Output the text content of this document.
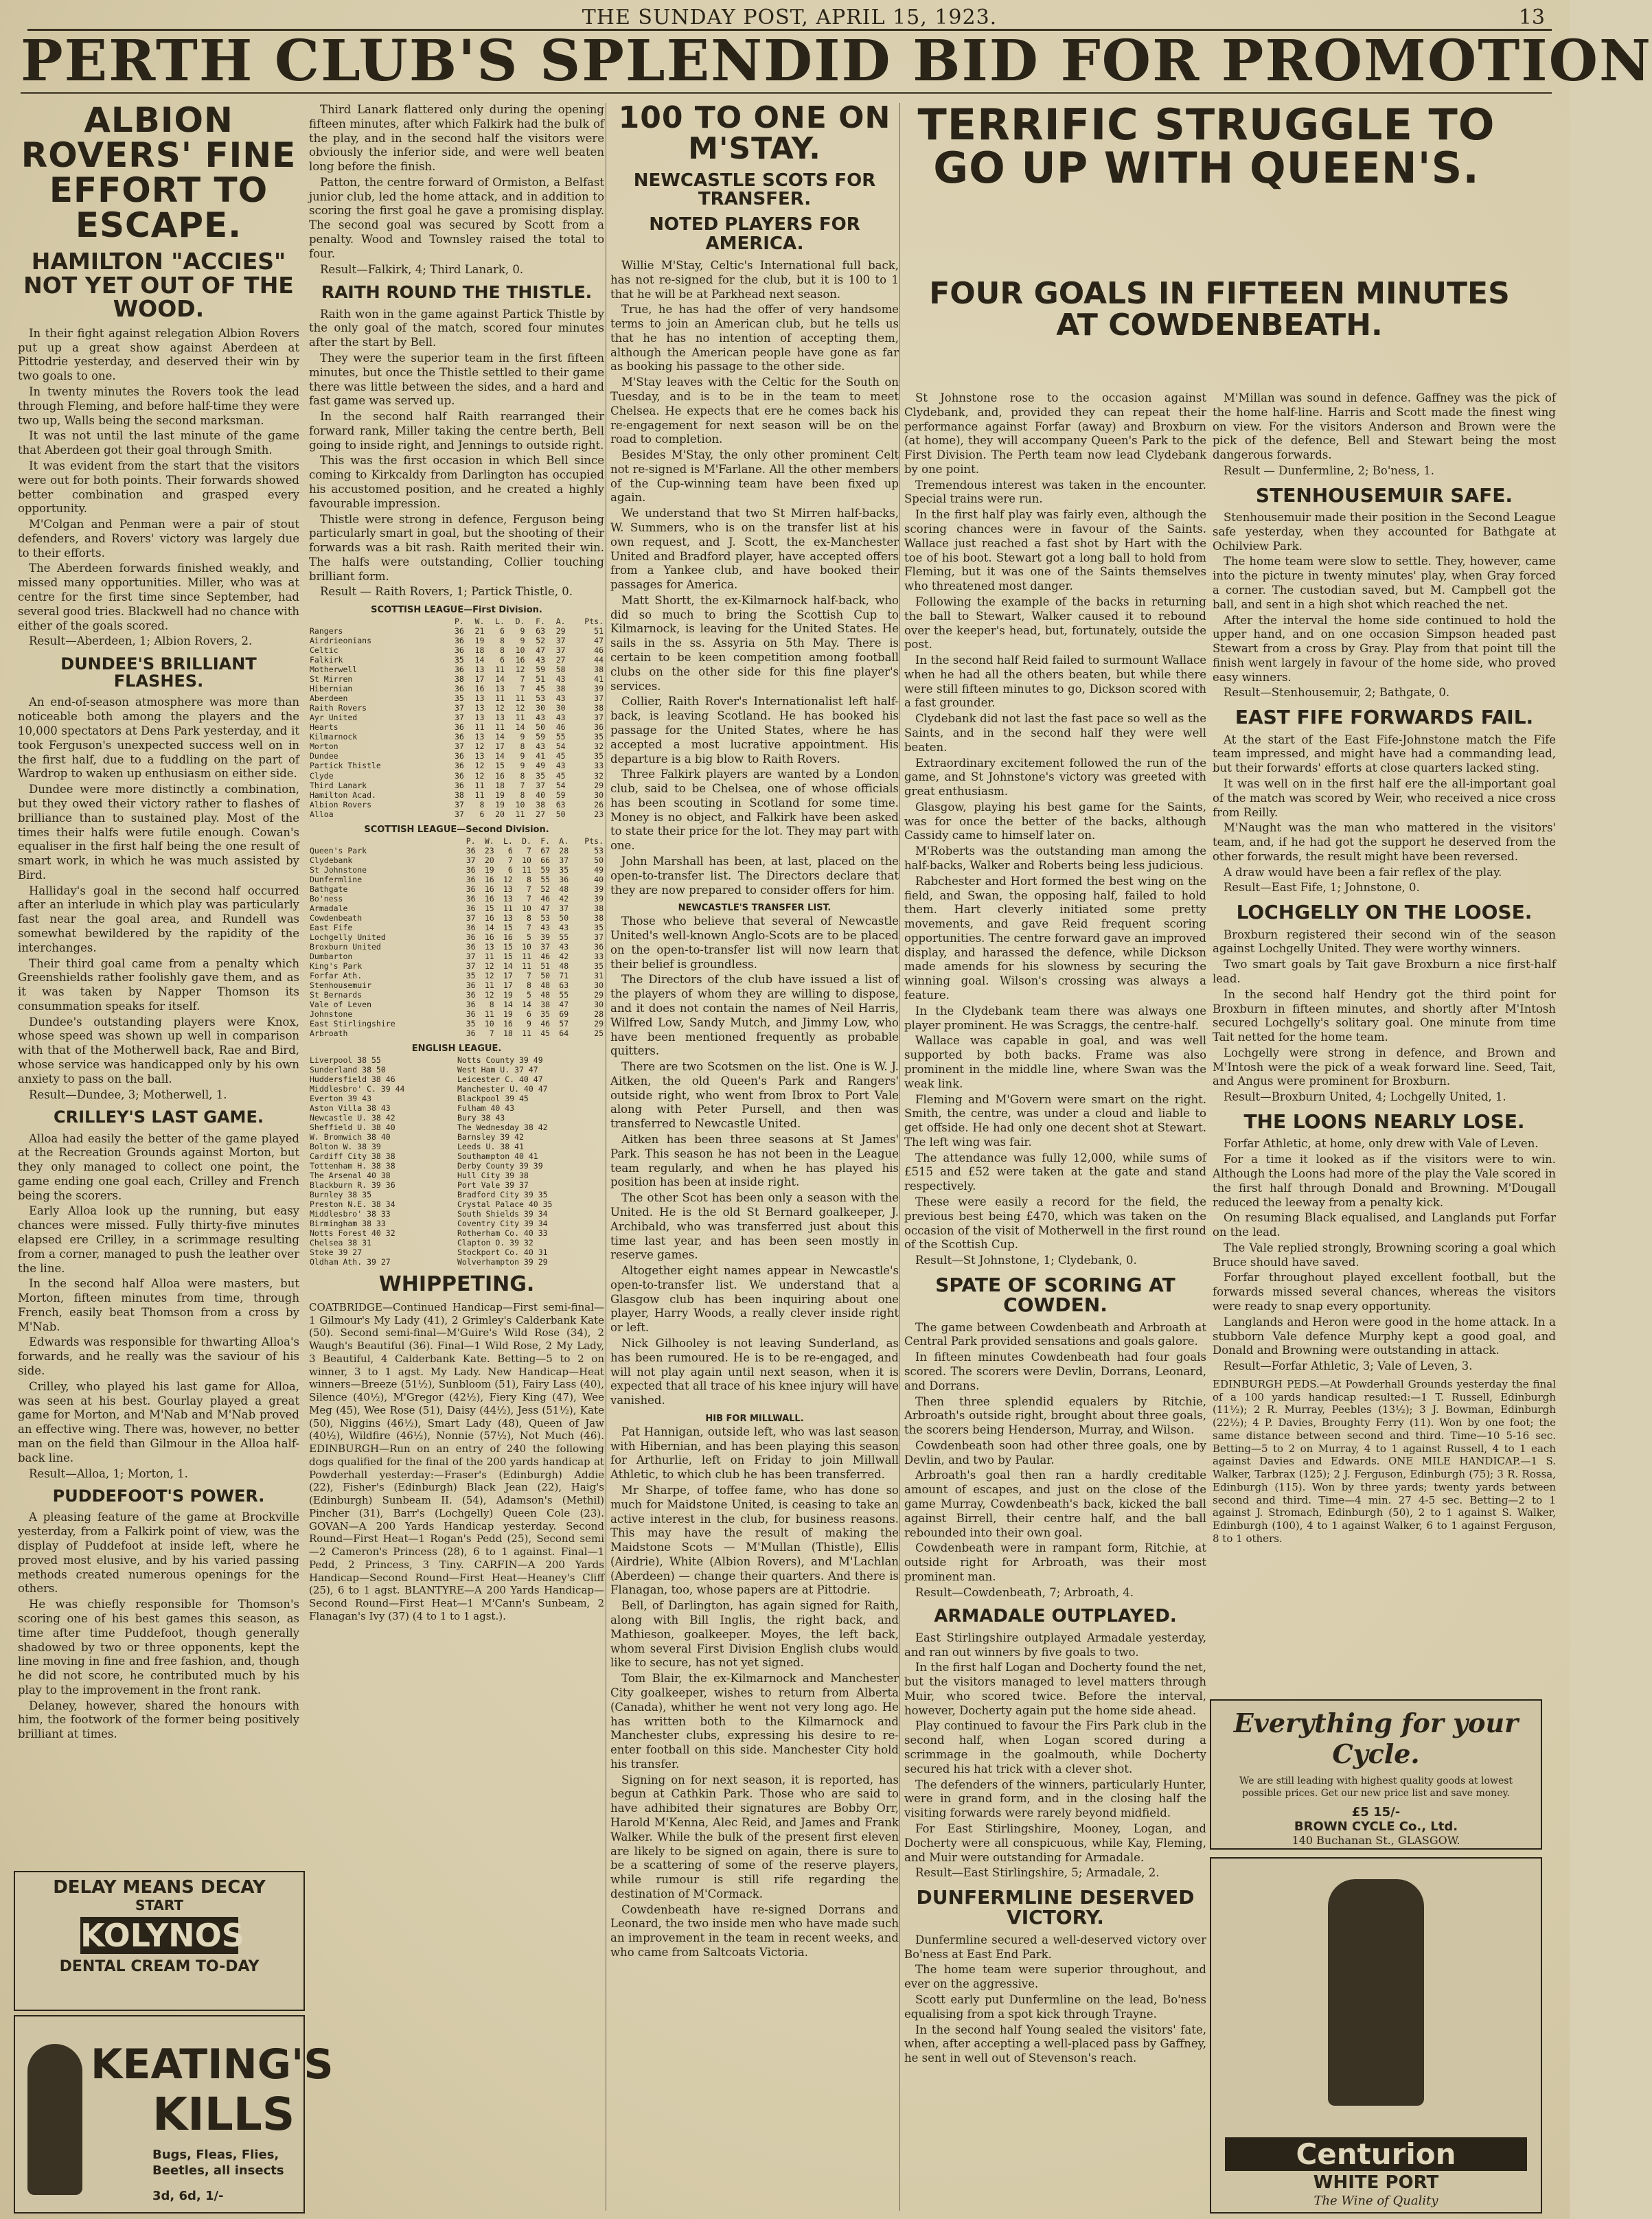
THE SUNDAY POST, APRIL 15, 1923.	13
PERTH CLUB'S SPLENDID BID FOR PROMOTION
ALBION ROVERS' FINE EFFORT TO ESCAPE.
HAMILTON "ACCIES" NOT YET OUT OF THE WOOD.

In their fight against relegation Albion Rovers put up a great show against Aberdeen at Pittodrie yesterday, and deserved their win by two goals to one.

In twenty minutes the Rovers took the lead through Fleming, and before half-time they were two up, Walls being the second marksman.

It was not until the last minute of the game that Aberdeen got their goal through Smith.

It was evident from the start that the visitors were out for both points. Their forwards showed better combination and grasped every opportunity.

M'Colgan and Penman were a pair of stout defenders, and Rovers' victory was largely due to their efforts.

The Aberdeen forwards finished weakly, and missed many opportunities. Miller, who was at centre for the first time since September, had several good tries. Blackwell had no chance with either of the goals scored.

Result—Aberdeen, 1; Albion Rovers, 2.
DUNDEE'S BRILLIANT FLASHES.

An end-of-season atmosphere was more than noticeable both among the players and the 10,000 spectators at Dens Park yesterday, and it took Ferguson's unexpected success well on in the first half, due to a fuddling on the part of Wardrop to waken up enthusiasm on either side.

Dundee were more distinctly a combination, but they owed their victory rather to flashes of brilliance than to sustained play. Most of the times their halfs were futile enough. Cowan's equaliser in the first half being the one result of smart work, in which he was much assisted by Bird.

Halliday's goal in the second half occurred after an interlude in which play was particularly fast near the goal area, and Rundell was somewhat bewildered by the rapidity of the interchanges.

Their third goal came from a penalty which Greenshields rather foolishly gave them, and as it was taken by Napper Thomson its consummation speaks for itself.

Dundee's outstanding players were Knox, whose speed was shown up well in comparison with that of the Motherwell back, Rae and Bird, whose service was handicapped only by his own anxiety to pass on the ball.

Result—Dundee, 3; Motherwell, 1.
CRILLEY'S LAST GAME.

Alloa had easily the better of the game played at the Recreation Grounds against Morton, but they only managed to collect one point, the game ending one goal each, Crilley and French being the scorers.

Early Alloa look up the running, but easy chances were missed. Fully thirty-five minutes elapsed ere Crilley, in a scrimmage resulting from a corner, managed to push the leather over the line.

In the second half Alloa were masters, but Morton, fifteen minutes from time, through French, easily beat Thomson from a cross by M'Nab.

Edwards was responsible for thwarting Alloa's forwards, and he really was the saviour of his side.

Crilley, who played his last game for Alloa, was seen at his best. Gourlay played a great game for Morton, and M'Nab and M'Nab proved an effective wing. There was, however, no better man on the field than Gilmour in the Alloa half-back line.

Result—Alloa, 1; Morton, 1.
PUDDEFOOT'S POWER.

A pleasing feature of the game at Brockville yesterday, from a Falkirk point of view, was the display of Puddefoot at inside left, where he proved most elusive, and by his varied passing methods created numerous openings for the others.

He was chiefly responsible for Thomson's scoring one of his best games this season, as time after time Puddefoot, though generally shadowed by two or three opponents, kept the line moving in fine and free fashion, and, though he did not score, he contributed much by his play to the improvement in the front rank.

Delaney, however, shared the honours with him, the footwork of the former being positively brilliant at times.

DELAY MEANS DECAY
START
KOLYNOS
DENTAL CREAM TO-DAY
KEATING'S
KILLS
Bugs, Fleas, Flies, Beetles, all insects
3d, 6d, 1/-

Third Lanark flattered only during the opening fifteen minutes, after which Falkirk had the bulk of the play, and in the second half the visitors were obviously the inferior side, and were well beaten long before the finish.

Patton, the centre forward of Ormiston, a Belfast junior club, led the home attack, and in addition to scoring the first goal he gave a promising display. The second goal was secured by Scott from a penalty. Wood and Townsley raised the total to four.

Result—Falkirk, 4; Third Lanark, 0.
RAITH ROUND THE THISTLE.

Raith won in the game against Partick Thistle by the only goal of the match, scored four minutes after the start by Bell.

They were the superior team in the first fifteen minutes, but once the Thistle settled to their game there was little between the sides, and a hard and fast game was served up.

In the second half Raith rearranged their forward rank, Miller taking the centre berth, Bell going to inside right, and Jennings to outside right.

This was the first occasion in which Bell since coming to Kirkcaldy from Darlington has occupied his accustomed position, and he created a highly favourable impression.

Thistle were strong in defence, Ferguson being particularly smart in goal, but the shooting of their forwards was a bit rash. Raith merited their win. The halfs were outstanding, Collier touching brilliant form.

Result — Raith Rovers, 1; Partick Thistle, 0.
SCOTTISH LEAGUE—First Division.
	P.	W.	L.	D.	F.	A.	Pts.
Rangers	36	21	6	9	63	29	51
Airdrieonians	36	19	8	9	52	37	47
Celtic	36	18	8	10	47	37	46
Falkirk	35	14	6	16	43	27	44
Motherwell	36	13	11	12	59	58	38
St Mirren	38	17	14	7	51	43	41
Hibernian	36	16	13	7	45	38	39
Aberdeen	35	13	11	11	53	43	37
Raith Rovers	37	13	12	12	30	30	38
Ayr United	37	13	13	11	43	43	37
Hearts	36	11	11	14	50	46	36
Kilmarnock	36	13	14	9	59	55	35
Morton	37	12	17	8	43	54	32
Dundee	36	13	14	9	41	45	35
Partick Thistle	36	12	15	9	49	43	33
Clyde	36	12	16	8	35	45	32
Third Lanark	36	11	18	7	37	54	29
Hamilton Acad.	38	11	19	8	40	59	30
Albion Rovers	37	8	19	10	38	63	26
Alloa	37	6	20	11	27	50	23
SCOTTISH LEAGUE—Second Division.
	P.	W.	L.	D.	F.	A.	Pts.
Queen's Park	36	23	6	7	67	28	53
Clydebank	37	20	7	10	66	37	50
St Johnstone	36	19	6	11	59	35	49
Dunfermline	36	16	12	8	55	36	40
Bathgate	36	16	13	7	52	48	39
Bo'ness	36	16	13	7	46	42	39
Armadale	36	15	11	10	47	37	38
Cowdenbeath	37	16	13	8	53	50	38
East Fife	36	14	15	7	43	43	35
Lochgelly United	36	16	16	5	39	55	37
Broxburn United	36	13	15	10	37	43	36
Dumbarton	37	11	15	11	46	42	33
King's Park	37	12	14	11	51	48	35
Forfar Ath.	35	12	17	7	50	71	31
Stenhousemuir	36	11	17	8	48	63	30
St Bernards	36	12	19	5	48	55	29
Vale of Leven	36	8	14	14	38	47	30
Johnstone	36	11	19	6	35	69	28
East Stirlingshire	35	10	16	9	46	57	29
Arbroath	36	7	18	11	45	64	25
ENGLISH LEAGUE.
Liverpool 38 55	Notts County 39 49
Sunderland 38 50	West Ham U. 37 47
Huddersfield 38 46	Leicester C. 40 47
Middlesbro' C. 39 44	Manchester U. 40 47
Everton 39 43	Blackpool 39 45
Aston Villa 38 43	Fulham 40 43
Newcastle U. 38 42	Bury 38 43
Sheffield U. 38 40	The Wednesday 38 42
W. Bromwich 38 40	Barnsley 39 42
Bolton W. 38 39	Leeds U. 38 41
Cardiff City 38 38	Southampton 40 41
Tottenham H. 38 38	Derby County 39 39
The Arsenal 40 38	Hull City 39 38
Blackburn R. 39 36	Port Vale 39 37
Burnley 38 35	Bradford City 39 35
Preston N.E. 38 34	Crystal Palace 40 35
Middlesbro' 38 33	South Shields 39 34
Birmingham 38 33	Coventry City 39 34
Notts Forest 40 32	Rotherham Co. 40 33
Chelsea 38 31	Clapton O. 39 32
Stoke 39 27	Stockport Co. 40 31
Oldham Ath. 39 27	Wolverhampton 39 29
WHIPPETING.
COATBRIDGE—Continued Handicap—First semi-final—1 Gilmour's My Lady (41), 2 Grimley's Calderbank Kate (50). Second semi-final—M'Guire's Wild Rose (34), 2 Waugh's Beautiful (36). Final—1 Wild Rose, 2 My Lady, 3 Beautiful, 4 Calderbank Kate. Betting—5 to 2 on winner, 3 to 1 agst. My Lady. New Handicap—Heat winners—Breeze (51½), Sunbloom (51), Fairy Lass (40), Silence (40½), M'Gregor (42½), Fiery King (47), Wee Meg (45), Wee Rose (51), Daisy (44½), Jess (51½), Kate (50), Niggins (46½), Smart Lady (48), Queen of Jaw (40½), Wildfire (46½), Nonnie (57½), Not Much (46). EDINBURGH—Run on an entry of 240 the following dogs qualified for the final of the 200 yards handicap at Powderhall yesterday:—Fraser's (Edinburgh) Addie (22), Fisher's (Edinburgh) Black Jean (22), Haig's (Edinburgh) Sunbeam II. (54), Adamson's (Methil) Pincher (31), Barr's (Lochgelly) Queen Cole (23). GOVAN—A 200 Yards Handicap yesterday. Second Round—First Heat—1 Rogan's Pedd (25), Second semi—2 Cameron's Princess (28), 6 to 1 against. Final—1 Pedd, 2 Princess, 3 Tiny. CARFIN—A 200 Yards Handicap—Second Round—First Heat—Heaney's Cliff (25), 6 to 1 agst. BLANTYRE—A 200 Yards Handicap—Second Round—First Heat—1 M'Cann's Sunbeam, 2 Flanagan's Ivy (37) (4 to 1 to 1 agst.).
100 TO ONE ON M'STAY.
NEWCASTLE SCOTS FOR TRANSFER.
NOTED PLAYERS FOR AMERICA.

Willie M'Stay, Celtic's International full back, has not re-signed for the club, but it is 100 to 1 that he will be at Parkhead next season.

True, he has had the offer of very handsome terms to join an American club, but he tells us that he has no intention of accepting them, although the American people have gone as far as booking his passage to the other side.

M'Stay leaves with the Celtic for the South on Tuesday, and is to be in the team to meet Chelsea. He expects that ere he comes back his re-engagement for next season will be on the road to completion.

Besides M'Stay, the only other prominent Celt not re-signed is M'Farlane. All the other members of the Cup-winning team have been fixed up again.

We understand that two St Mirren half-backs, W. Summers, who is on the transfer list at his own request, and J. Scott, the ex-Manchester United and Bradford player, have accepted offers from a Yankee club, and have booked their passages for America.

Matt Shortt, the ex-Kilmarnock half-back, who did so much to bring the Scottish Cup to Kilmarnock, is leaving for the United States. He sails in the ss. Assyria on 5th May. There is certain to be keen competition among football clubs on the other side for this fine player's services.

Collier, Raith Rover's Internationalist left half-back, is leaving Scotland. He has booked his passage for the United States, where he has accepted a most lucrative appointment. His departure is a big blow to Raith Rovers.

Three Falkirk players are wanted by a London club, said to be Chelsea, one of whose officials has been scouting in Scotland for some time. Money is no object, and Falkirk have been asked to state their price for the lot. They may part with one.

John Marshall has been, at last, placed on the open-to-transfer list. The Directors declare that they are now prepared to consider offers for him.

NEWCASTLE'S TRANSFER LIST.

Those who believe that several of Newcastle United's well-known Anglo-Scots are to be placed on the open-to-transfer list will now learn that their belief is groundless.

The Directors of the club have issued a list of the players of whom they are willing to dispose, and it does not contain the names of Neil Harris, Wilfred Low, Sandy Mutch, and Jimmy Low, who have been mentioned frequently as probable quitters.

There are two Scotsmen on the list. One is W. J. Aitken, the old Queen's Park and Rangers' outside right, who went from Ibrox to Port Vale along with Peter Pursell, and then was transferred to Newcastle United.

Aitken has been three seasons at St James' Park. This season he has not been in the League team regularly, and when he has played his position has been at inside right.

The other Scot has been only a season with the United. He is the old St Bernard goalkeeper, J. Archibald, who was transferred just about this time last year, and has been seen mostly in reserve games.

Altogether eight names appear in Newcastle's open-to-transfer list. We understand that a Glasgow club has been inquiring about one player, Harry Woods, a really clever inside right or left.

Nick Gilhooley is not leaving Sunderland, as has been rumoured. He is to be re-engaged, and will not play again until next season, when it is expected that all trace of his knee injury will have vanished.

HIB FOR MILLWALL.

Pat Hannigan, outside left, who was last season with Hibernian, and has been playing this season for Arthurlie, left on Friday to join Millwall Athletic, to which club he has been transferred.

Mr Sharpe, of toffee fame, who has done so much for Maidstone United, is ceasing to take an active interest in the club, for business reasons. This may have the result of making the Maidstone Scots — M'Mullan (Thistle), Ellis (Airdrie), White (Albion Rovers), and M'Lachlan (Aberdeen) — change their quarters. And there is Flanagan, too, whose papers are at Pittodrie.

Bell, of Darlington, has again signed for Raith, along with Bill Inglis, the right back, and Mathieson, goalkeeper. Moyes, the left back, whom several First Division English clubs would like to secure, has not yet signed.

Tom Blair, the ex-Kilmarnock and Manchester City goalkeeper, wishes to return from Alberta (Canada), whither he went not very long ago. He has written both to the Kilmarnock and Manchester clubs, expressing his desire to re-enter football on this side. Manchester City hold his transfer.

Signing on for next season, it is reported, has begun at Cathkin Park. Those who are said to have adhibited their signatures are Bobby Orr, Harold M'Kenna, Alec Reid, and James and Frank Walker. While the bulk of the present first eleven are likely to be signed on again, there is sure to be a scattering of some of the reserve players, while rumour is still rife regarding the destination of M'Cormack.

Cowdenbeath have re-signed Dorrans and Leonard, the two inside men who have made such an improvement in the team in recent weeks, and who came from Saltcoats Victoria.

TERRIFIC STRUGGLE TO GO UP WITH QUEEN'S.

St Johnstone rose to the occasion against Clydebank, and, provided they can repeat their performance against Forfar (away) and Broxburn (at home), they will accompany Queen's Park to the First Division. The Perth team now lead Clydebank by one point.

Tremendous interest was taken in the encounter. Special trains were run.

In the first half play was fairly even, although the scoring chances were in favour of the Saints. Wallace just reached a fast shot by Hart with the toe of his boot. Stewart got a long ball to hold from Fleming, but it was one of the Saints themselves who threatened most danger.

Following the example of the backs in returning the ball to Stewart, Walker caused it to rebound over the keeper's head, but, fortunately, outside the post.

In the second half Reid failed to surmount Wallace when he had all the others beaten, but while there were still fifteen minutes to go, Dickson scored with a fast grounder.

Clydebank did not last the fast pace so well as the Saints, and in the second half they were well beaten.

Extraordinary excitement followed the run of the game, and St Johnstone's victory was greeted with great enthusiasm.

Glasgow, playing his best game for the Saints, was for once the better of the backs, although Cassidy came to himself later on.

M'Roberts was the outstanding man among the half-backs, Walker and Roberts being less judicious.

Rabchester and Hort formed the best wing on the field, and Swan, the opposing half, failed to hold them. Hart cleverly initiated some pretty movements, and gave Reid frequent scoring opportunities. The centre forward gave an improved display, and harassed the defence, while Dickson made amends for his slowness by securing the winning goal. Wilson's crossing was always a feature.

In the Clydebank team there was always one player prominent. He was Scraggs, the centre-half.

Wallace was capable in goal, and was well supported by both backs. Frame was also prominent in the middle line, where Swan was the weak link.

Fleming and M'Govern were smart on the right. Smith, the centre, was under a cloud and liable to get offside. He had only one decent shot at Stewart. The left wing was fair.

The attendance was fully 12,000, while sums of £515 and £52 were taken at the gate and stand respectively.

These were easily a record for the field, the previous best being £470, which was taken on the occasion of the visit of Motherwell in the first round of the Scottish Cup.

Result—St Johnstone, 1; Clydebank, 0.
SPATE OF SCORING AT COWDEN.

The game between Cowdenbeath and Arbroath at Central Park provided sensations and goals galore.

In fifteen minutes Cowdenbeath had four goals scored. The scorers were Devlin, Dorrans, Leonard, and Dorrans.

Then three splendid equalers by Ritchie, Arbroath's outside right, brought about three goals, the scorers being Henderson, Murray, and Wilson.

Cowdenbeath soon had other three goals, one by Devlin, and two by Paular.

Arbroath's goal then ran a hardly creditable amount of escapes, and just on the close of the game Murray, Cowdenbeath's back, kicked the ball against Birrell, their centre half, and the ball rebounded into their own goal.

Cowdenbeath were in rampant form, Ritchie, at outside right for Arbroath, was their most prominent man.

Result—Cowdenbeath, 7; Arbroath, 4.
ARMADALE OUTPLAYED.

East Stirlingshire outplayed Armadale yesterday, and ran out winners by five goals to two.

In the first half Logan and Docherty found the net, but the visitors managed to level matters through Muir, who scored twice. Before the interval, however, Docherty again put the home side ahead.

Play continued to favour the Firs Park club in the second half, when Logan scored during a scrimmage in the goalmouth, while Docherty secured his hat trick with a clever shot.

The defenders of the winners, particularly Hunter, were in grand form, and in the closing half the visiting forwards were rarely beyond midfield.

For East Stirlingshire, Mooney, Logan, and Docherty were all conspicuous, while Kay, Fleming, and Muir were outstanding for Armadale.

Result—East Stirlingshire, 5; Armadale, 2.
DUNFERMLINE DESERVED VICTORY.

Dunfermline secured a well-deserved victory over Bo'ness at East End Park.

The home team were superior throughout, and ever on the aggressive.

Scott early put Dunfermline on the lead, Bo'ness equalising from a spot kick through Trayne.

In the second half Young sealed the visitors' fate, when, after accepting a well-placed pass by Gaffney, he sent in well out of Stevenson's reach.

FOUR GOALS IN FIFTEEN MINUTES AT COWDENBEATH.

M'Millan was sound in defence. Gaffney was the pick of the home half-line. Harris and Scott made the finest wing on view. For the visitors Anderson and Brown were the pick of the defence, Bell and Stewart being the most dangerous forwards.

Result — Dunfermline, 2; Bo'ness, 1.
STENHOUSEMUIR SAFE.

Stenhousemuir made their position in the Second League safe yesterday, when they accounted for Bathgate at Ochilview Park.

The home team were slow to settle. They, however, came into the picture in twenty minutes' play, when Gray forced a corner. The custodian saved, but M. Campbell got the ball, and sent in a high shot which reached the net.

After the interval the home side continued to hold the upper hand, and on one occasion Simpson headed past Stewart from a cross by Gray. Play from that point till the finish went largely in favour of the home side, who proved easy winners.

Result—Stenhousemuir, 2; Bathgate, 0.
EAST FIFE FORWARDS FAIL.

At the start of the East Fife-Johnstone match the Fife team impressed, and might have had a commanding lead, but their forwards' efforts at close quarters lacked sting.

It was well on in the first half ere the all-important goal of the match was scored by Weir, who received a nice cross from Reilly.

M'Naught was the man who mattered in the visitors' team, and, if he had got the support he deserved from the other forwards, the result might have been reversed.

A draw would have been a fair reflex of the play.

Result—East Fife, 1; Johnstone, 0.
LOCHGELLY ON THE LOOSE.

Broxburn registered their second win of the season against Lochgelly United. They were worthy winners.

Two smart goals by Tait gave Broxburn a nice first-half lead.

In the second half Hendry got the third point for Broxburn in fifteen minutes, and shortly after M'Intosh secured Lochgelly's solitary goal. One minute from time Tait netted for the home team.

Lochgelly were strong in defence, and Brown and M'Intosh were the pick of a weak forward line. Seed, Tait, and Angus were prominent for Broxburn.

Result—Broxburn United, 4; Lochgelly United, 1.
THE LOONS NEARLY LOSE.

Forfar Athletic, at home, only drew with Vale of Leven.

For a time it looked as if the visitors were to win. Although the Loons had more of the play the Vale scored in the first half through Donald and Browning. M'Dougall reduced the leeway from a penalty kick.

On resuming Black equalised, and Langlands put Forfar on the lead.

The Vale replied strongly, Browning scoring a goal which Bruce should have saved.

Forfar throughout played excellent football, but the forwards missed several chances, whereas the visitors were ready to snap every opportunity.

Langlands and Heron were good in the home attack. In a stubborn Vale defence Murphy kept a good goal, and Donald and Browning were outstanding in attack.

Result—Forfar Athletic, 3; Vale of Leven, 3.
EDINBURGH PEDS.—At Powderhall Grounds yesterday the final of a 100 yards handicap resulted:—1 T. Russell, Edinburgh (11½); 2 R. Murray, Peebles (13½); 3 J. Bowman, Edinburgh (22½); 4 P. Davies, Broughty Ferry (11). Won by one foot; the same distance between second and third. Time—10 5-16 sec. Betting—5 to 2 on Murray, 4 to 1 against Russell, 4 to 1 each against Davies and Edwards. ONE MILE HANDICAP.—1 S. Walker, Tarbrax (125); 2 J. Ferguson, Edinburgh (75); 3 R. Rossa, Edinburgh (115). Won by three yards; twenty yards between second and third. Time—4 min. 27 4-5 sec. Betting—2 to 1 against J. Stromach, Edinburgh (50), 2 to 1 against S. Walker, Edinburgh (100), 4 to 1 against Walker, 6 to 1 against Ferguson, 8 to 1 others.
Everything for your Cycle.
We are still leading with highest quality goods at lowest possible prices. Get our new price list and save money.
£5 15/-
BROWN CYCLE Co., Ltd.
140 Buchanan St., GLASGOW.
Centurion
WHITE PORT
The Wine of Quality
